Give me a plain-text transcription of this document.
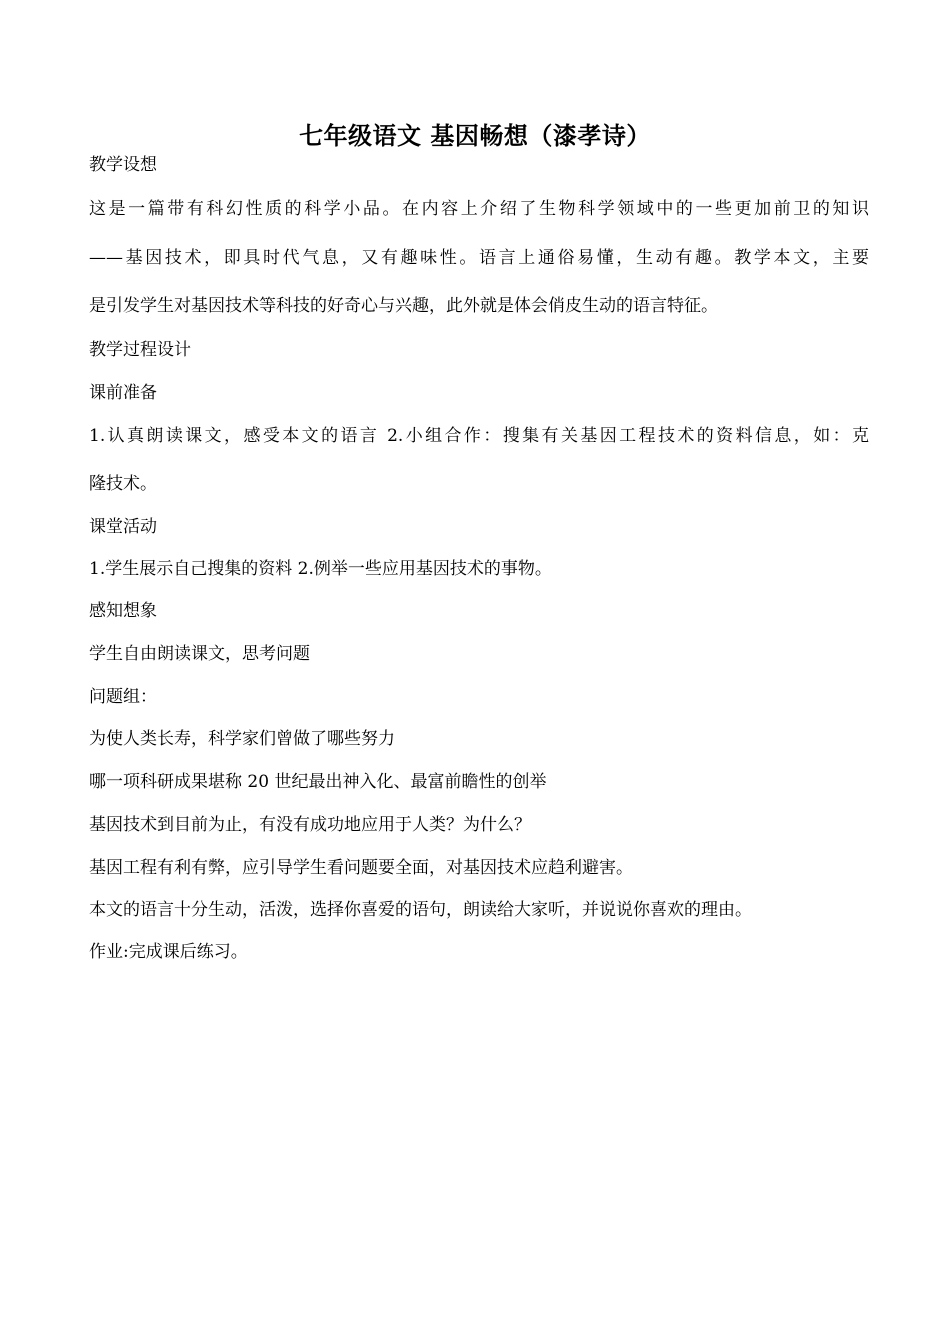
七年级语文 基因畅想（漆孝诗）
教学设想
这是一篇带有科幻性质的科学小品。在内容上介绍了生物科学领域中的一些更加前卫的知识
——基因技术，即具时代气息，又有趣味性。语言上通俗易懂，生动有趣。教学本文，主要
是引发学生对基因技术等科技的好奇心与兴趣，此外就是体会俏皮生动的语言特征。
教学过程设计
课前准备
1.认真朗读课文，感受本文的语言 2.小组合作：搜集有关基因工程技术的资料信息，如：克
隆技术。
课堂活动
1.学生展示自己搜集的资料 2.例举一些应用基因技术的事物。
感知想象
学生自由朗读课文，思考问题
问题组：
为使人类长寿，科学家们曾做了哪些努力
哪一项科研成果堪称 20 世纪最出神入化、最富前瞻性的创举
基因技术到目前为止，有没有成功地应用于人类？为什么？
基因工程有利有弊，应引导学生看问题要全面，对基因技术应趋利避害。
本文的语言十分生动，活泼，选择你喜爱的语句，朗读给大家听，并说说你喜欢的理由。
作业:完成课后练习。
